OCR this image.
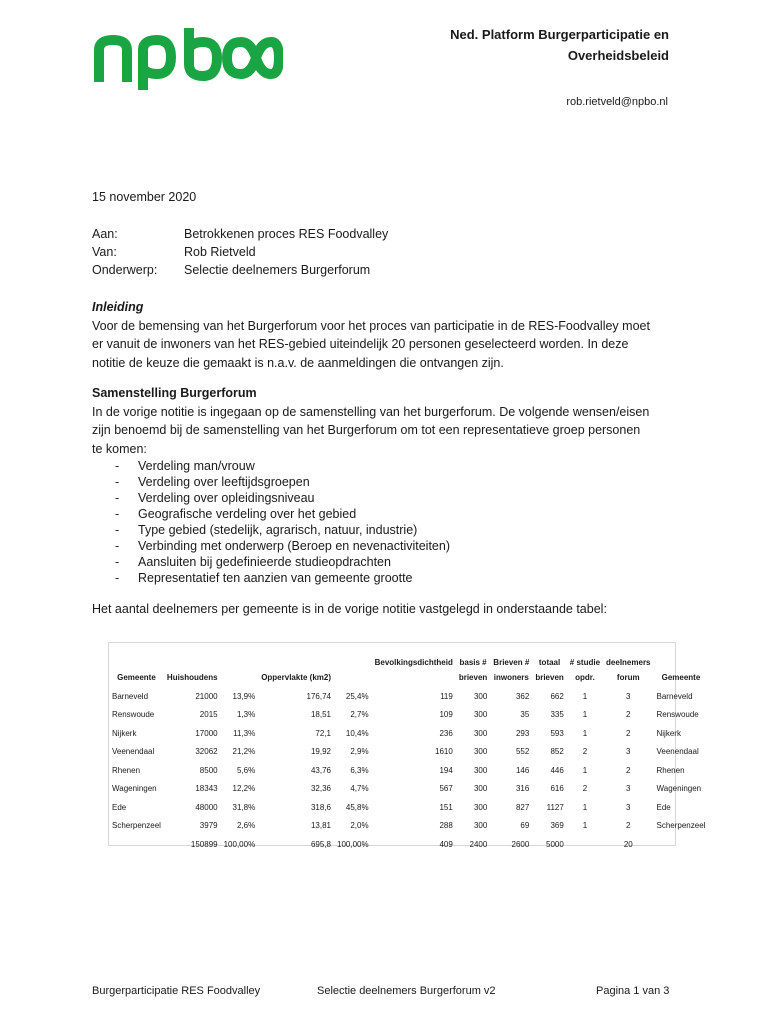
Ned. Platform Burgerparticipatie en
Overheidsbeleid
rob.rietveld@npbo.nl
15 november 2020
Aan:	Betrokkenen proces RES Foodvalley
Van:	Rob Rietveld
Onderwerp:	Selectie deelnemers Burgerforum
Inleiding
Voor de bemensing van het Burgerforum voor het proces van participatie in de RES-Foodvalley moet
er vanuit de inwoners van het RES-gebied uiteindelijk 20 personen geselecteerd worden. In deze
notitie de keuze die gemaakt is n.a.v. de aanmeldingen die ontvangen zijn.
Samenstelling Burgerforum
In de vorige notitie is ingegaan op de samenstelling van het burgerforum. De volgende wensen/eisen
zijn benoemd bij de samenstelling van het Burgerforum om tot een representatieve groep personen
te komen:
- Verdeling man/vrouw
- Verdeling over leeftijdsgroepen
- Verdeling over opleidingsniveau
- Geografische verdeling over het gebied
- Type gebied (stedelijk, agrarisch, natuur, industrie)
- Verbinding met onderwerp (Beroep en nevenactiviteiten)
- Aansluiten bij gedefinieerde studieopdrachten
- Representatief ten aanzien van gemeente grootte
Het aantal deelnemers per gemeente is in de vorige notitie vastgelegd in onderstaande tabel:
					Bevolkingsdichtheid	basis #	Brieven #	totaal	# studie	deelnemers	
Gemeente	Huishoudens		Oppervlakte (km2)			brieven	inwoners	brieven	opdr.	forum	Gemeente
Barneveld	21000	13,9%	176,74	25,4%	119	300	362	662	1	3	Barneveld
Renswoude	2015	1,3%	18,51	2,7%	109	300	35	335	1	2	Renswoude
Nijkerk	17000	11,3%	72,1	10,4%	236	300	293	593	1	2	Nijkerk
Veenendaal	32062	21,2%	19,92	2,9%	1610	300	552	852	2	3	Veenendaal
Rhenen	8500	5,6%	43,76	6,3%	194	300	146	446	1	2	Rhenen
Wageningen	18343	12,2%	32,36	4,7%	567	300	316	616	2	3	Wageningen
Ede	48000	31,8%	318,6	45,8%	151	300	827	1127	1	3	Ede
Scherpenzeel	3979	2,6%	13,81	2,0%	288	300	69	369	1	2	Scherpenzeel
	150899	100,00%	695,8	100,00%	409	2400	2600	5000		20	
Burgerparticipatie RES Foodvalley	Selectie deelnemers Burgerforum v2	Pagina 1 van 3
